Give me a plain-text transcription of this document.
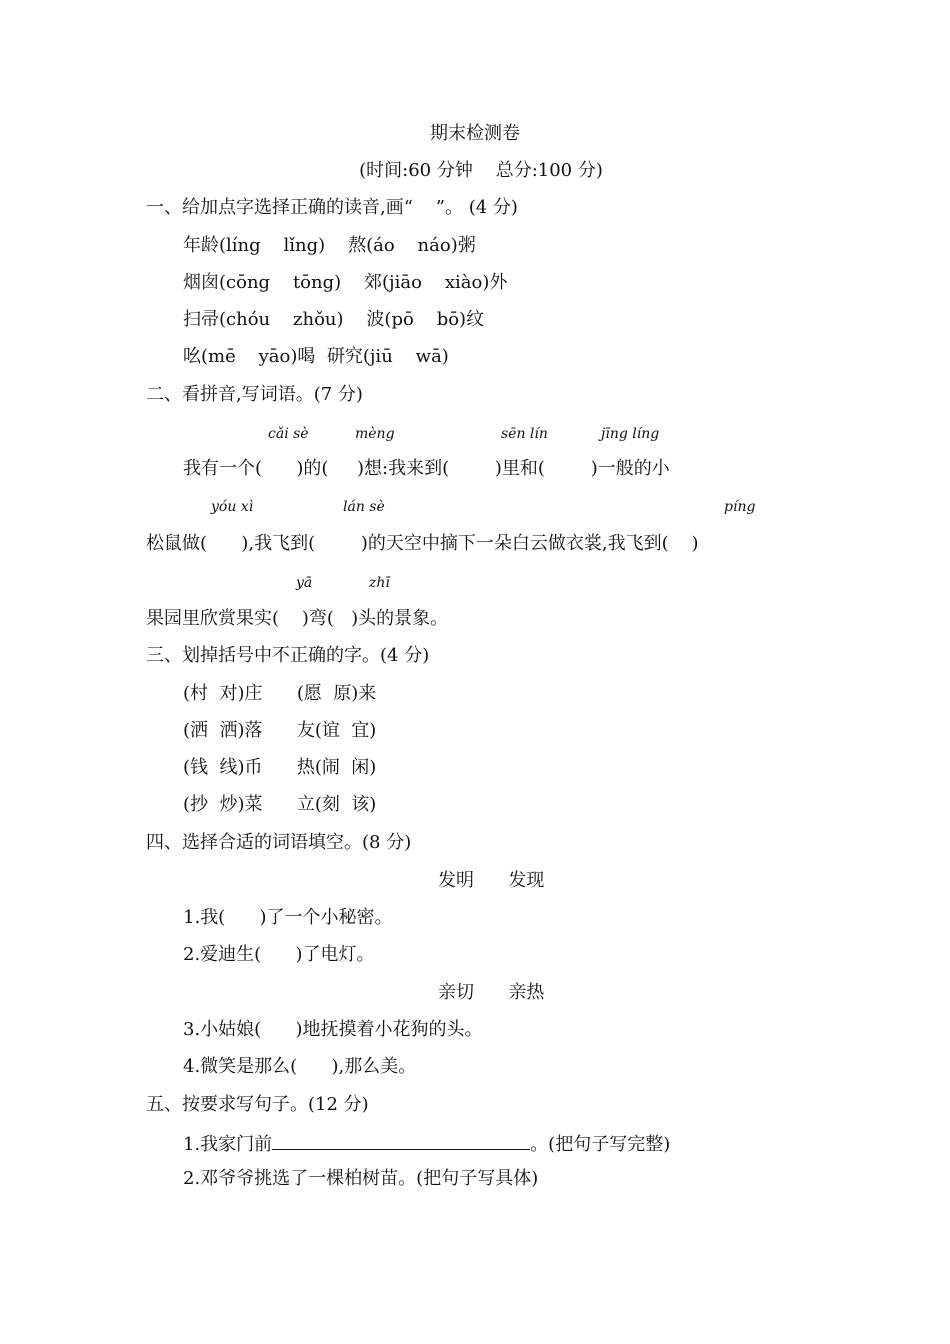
期末检测卷
(时间:60 分钟    总分:100 分)
一、给加点字选择正确的读音,画“    ”。 (4 分)
年龄(líng    lǐng)    熬(áo    náo)粥
烟囱(cōng    tōng)    郊(jiāo    xiào)外
扫帚(chóu    zhǒu)    波(pō    bō)纹
吆(mē    yāo)喝  研究(jiū    wā)
二、看拼音,写词语。(7 分)
cǎi sè	mèng	sēn lín	jīng líng
我有一个(      )的(     )想:我来到(        )里和(        )一般的小
yóu xì	lán sè	píng
松鼠做(      ),我飞到(        )的天空中摘下一朵白云做衣裳,我飞到(    )
yā	zhī
果园里欣赏果实(    )弯(   )头的景象。
三、划掉括号中不正确的字。(4 分)
(村  对)庄      (愿  原)来
(洒  洒)落      友(谊  宜)
(钱  线)币      热(闹  闲)
(抄  炒)菜      立(刻  该)
四、选择合适的词语填空。(8 分)
发明      发现
1.我(      )了一个小秘密。
2.爱迪生(      )了电灯。
亲切      亲热
3.小姑娘(      )地抚摸着小花狗的头。
4.微笑是那么(      ),那么美。
五、按要求写句子。(12 分)
1.我家门前	。(把句子写完整)
2.邓爷爷挑选了一棵柏树苗。(把句子写具体)
